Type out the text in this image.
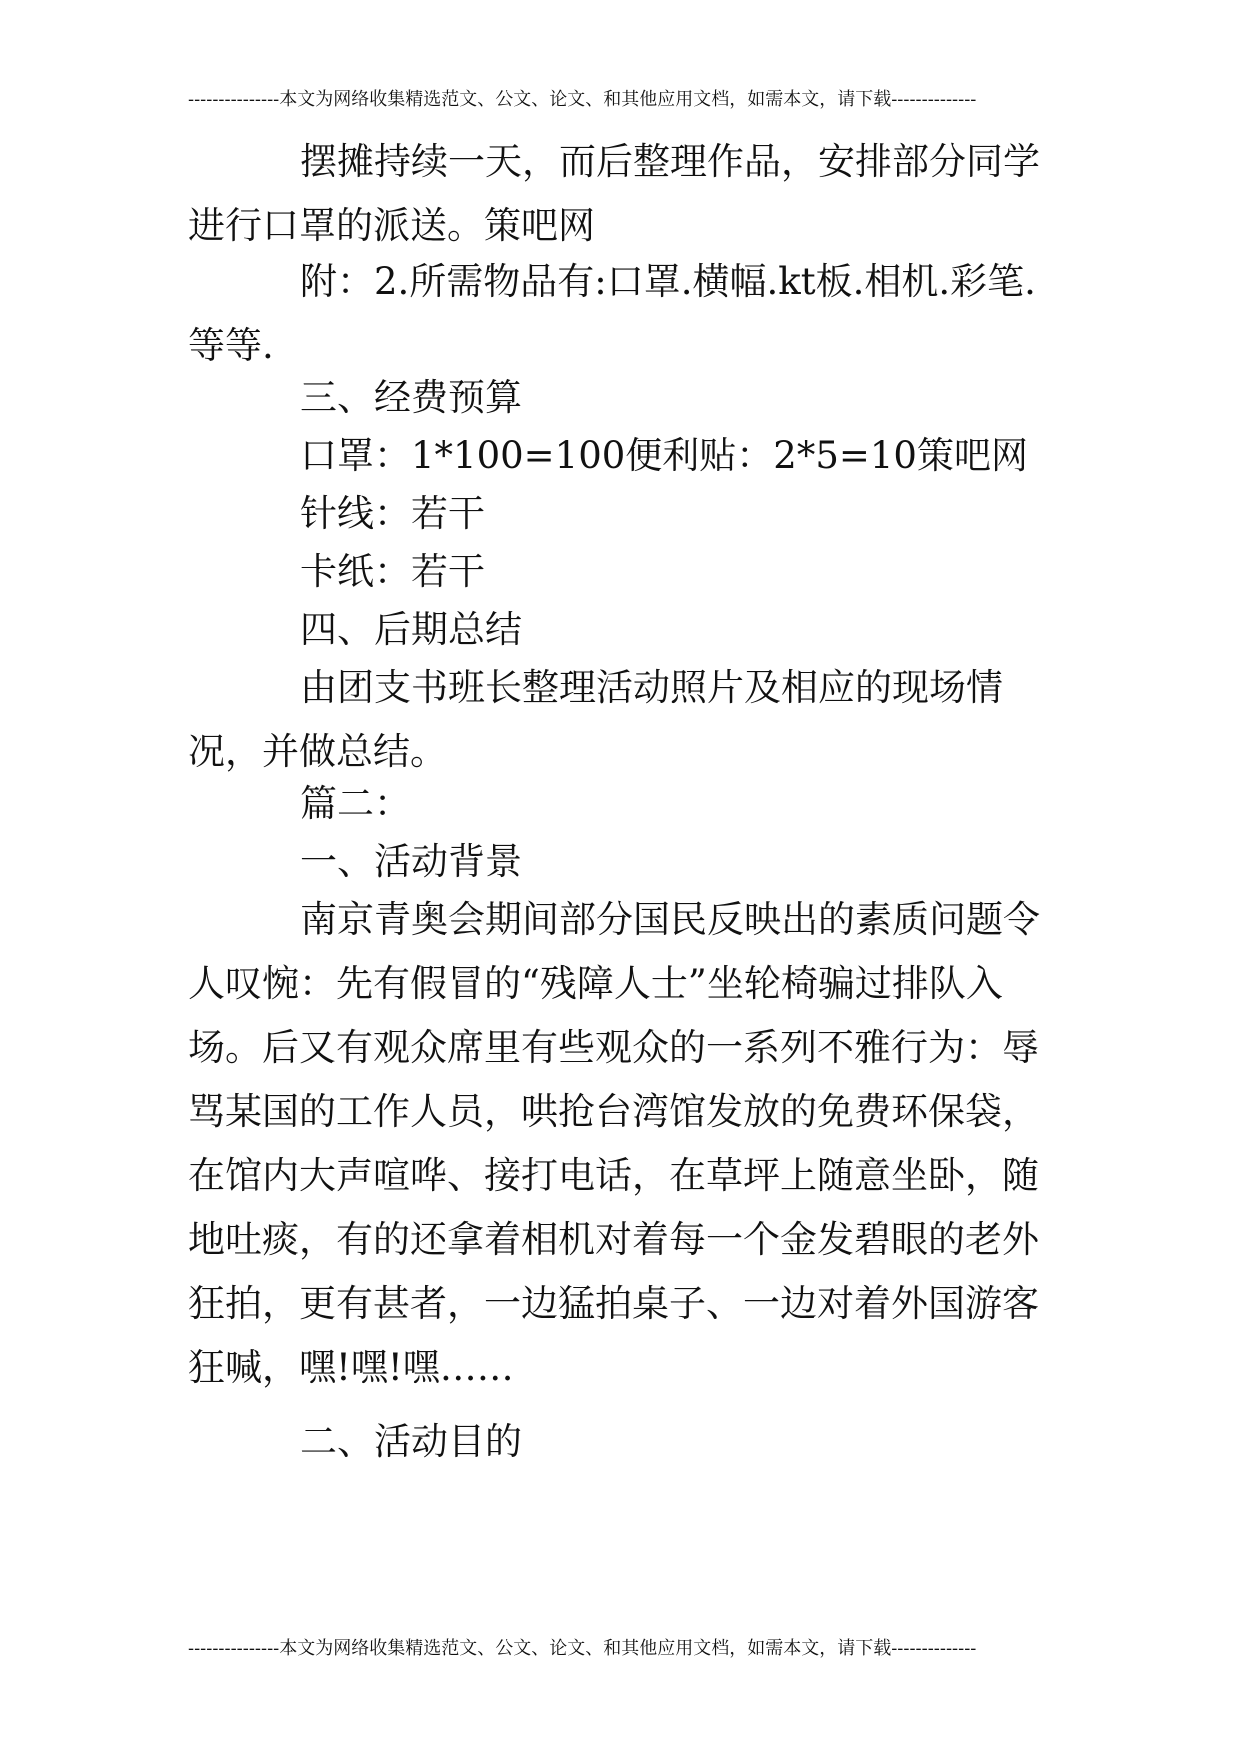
---------------本文为网络收集精选范文、公文、论文、和其他应用文档，如需本文，请下载--------------

摆摊持续一天，而后整理作品，安排部分同学进行口罩的派送。策吧网

附：2.所需物品有:口罩.横幅.kt板.相机.彩笔.等等.

三、经费预算

口罩：1*100=100便利贴：2*5=10策吧网

针线：若干

卡纸：若干

四、后期总结

由团支书班长整理活动照片及相应的现场情况，并做总结。

篇二：

一、活动背景

南京青奥会期间部分国民反映出的素质问题令人叹惋：先有假冒的“残障人士”坐轮椅骗过排队入场。后又有观众席里有些观众的一系列不雅行为：辱骂某国的工作人员，哄抢台湾馆发放的免费环保袋，在馆内大声喧哗、接打电话，在草坪上随意坐卧，随地吐痰，有的还拿着相机对着每一个金发碧眼的老外狂拍，更有甚者，一边猛拍桌子、一边对着外国游客狂喊，嘿!嘿!嘿……

二、活动目的

---------------本文为网络收集精选范文、公文、论文、和其他应用文档，如需本文，请下载--------------
